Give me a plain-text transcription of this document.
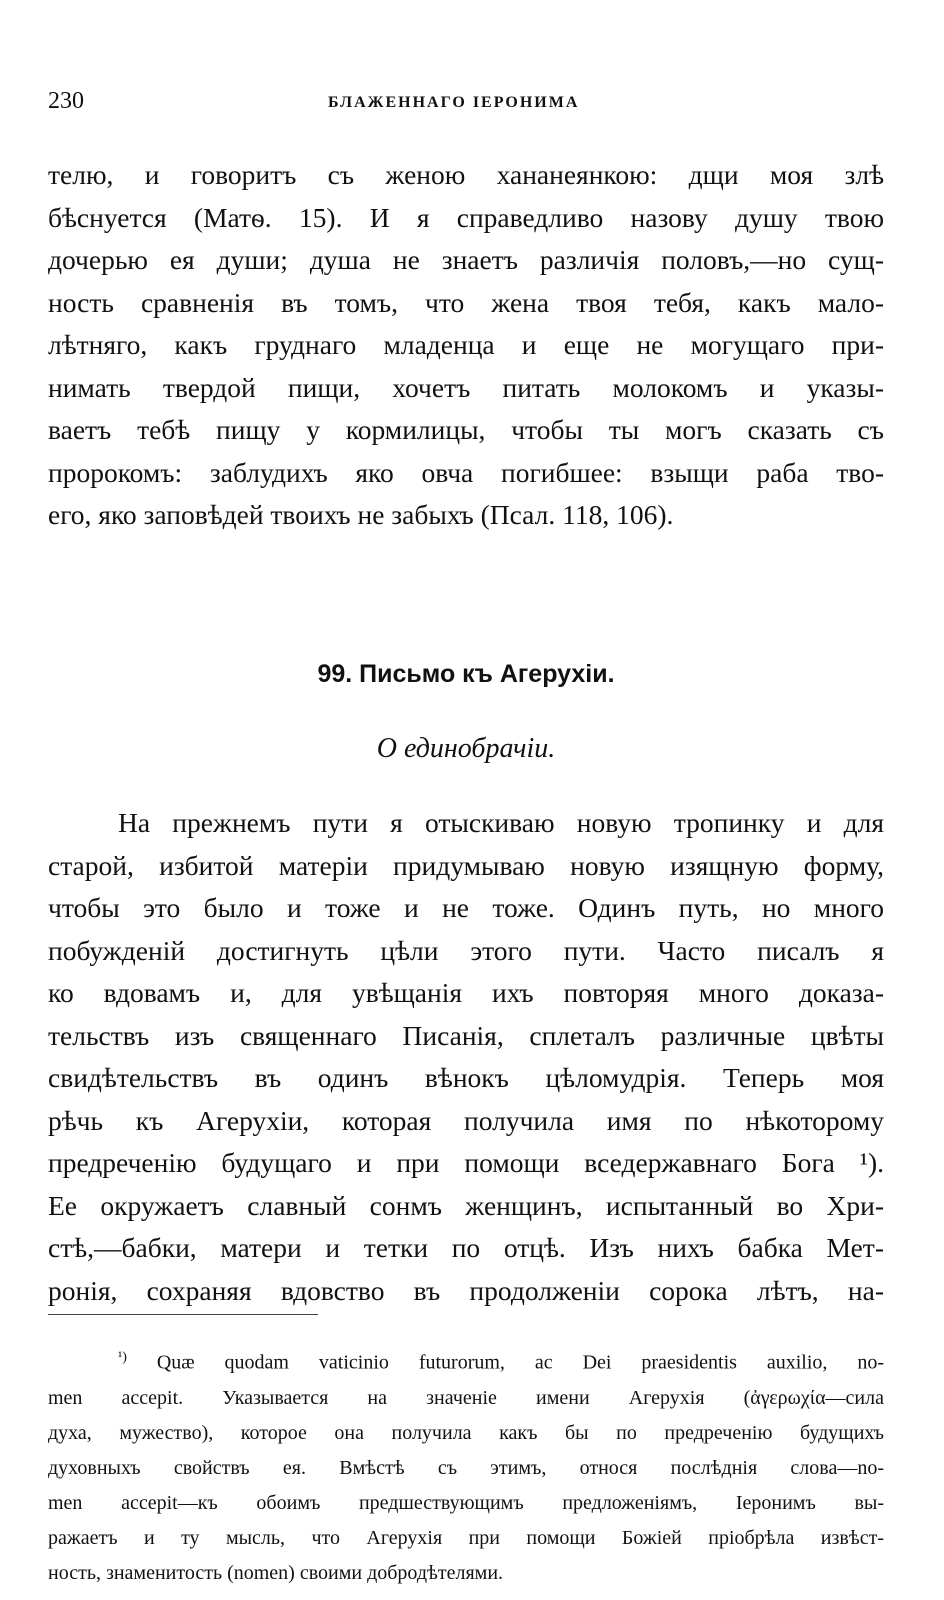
230	БЛАЖЕННАГО ІЕРОНИМА
телю, и говоритъ съ женою хананеянкою: дщи моя злѣ
бѣснуется (Матѳ. 15). И я справедливо назову душу твою
дочерью ея души; душа не знаетъ различія половъ,—но сущ-
ность сравненія въ томъ, что жена твоя тебя, какъ мало-
лѣтняго, какъ груднаго младенца и еще не могущаго при-
нимать твердой пищи, хочетъ питать молокомъ и указы-
ваетъ тебѣ пищу у кормилицы, чтобы ты могъ сказать съ
пророкомъ: заблудихъ яко овча погибшее: взыщи раба тво-
его, яко заповѣдей твоихъ не забыхъ (Псал. 118, 106).
99. Письмо къ Агерухіи.
О единобрачіи.
На прежнемъ пути я отыскиваю новую тропинку и для
старой, избитой матеріи придумываю новую изящную форму,
чтобы это было и тоже и не тоже. Одинъ путь, но много
побужденій достигнуть цѣли этого пути. Часто писалъ я
ко вдовамъ и, для увѣщанія ихъ повторяя много доказа-
тельствъ изъ священнаго Писанія, сплеталъ различные цвѣты
свидѣтельствъ въ одинъ вѣнокъ цѣломудрія. Теперь моя
рѣчь къ Агерухіи, которая получила имя по нѣкоторому
предреченію будущаго и при помощи вседержавнаго Бога ¹).
Ее окружаетъ славный сонмъ женщинъ, испытанный во Хри-
стѣ,—бабки, матери и тетки по отцѣ. Изъ нихъ бабка Мет-
ронія, сохраняя вдовство въ продолженіи сорока лѣтъ, на-
$^{^1)}$ Quæ quodam vaticinio futurorum, ac Dei praesidentis auxilio, no-
men accepit. Указывается на значеніе имени Агерухія (ἀγερωχία—сила
духа, мужество), которое она получила какъ бы по предреченію будущихъ
духовныхъ свойствъ ея. Вмѣстѣ съ этимъ, относя послѣднія слова—no-
men accepit—къ обоимъ предшествующимъ предложеніямъ, Іеронимъ вы-
ражаетъ и ту мысль, что Агерухія при помощи Божіей пріобрѣла извѣст-
ность, знаменитость (nomen) своими добродѣтелями.
